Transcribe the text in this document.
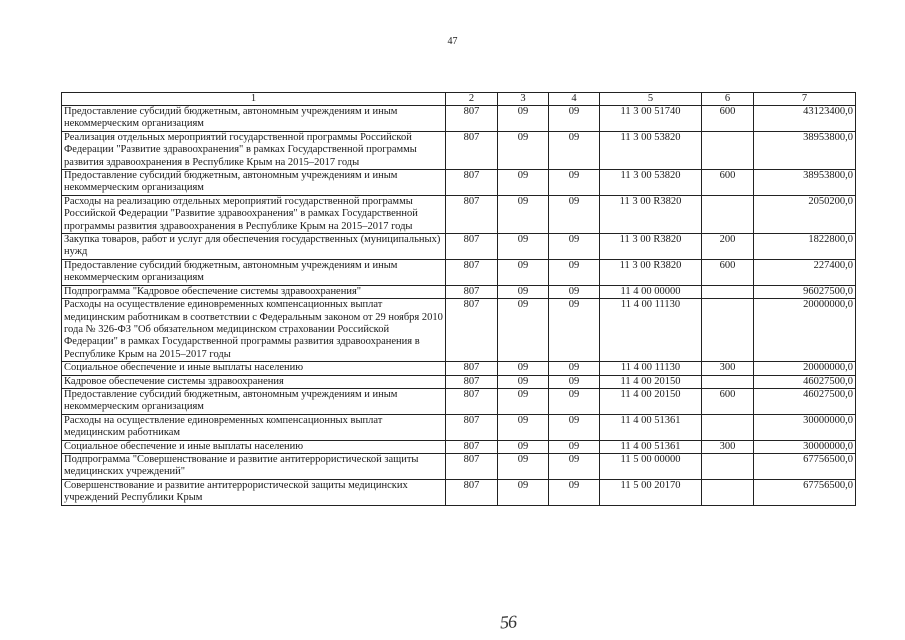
47
1	2	3	4	5	6	7
Предоставление субсидий бюджетным, автономным учреждениям и иным некоммерческим организациям	807	09	09	11 3 00 51740	600	43123400,0
Реализация отдельных мероприятий государственной программы Российской Федерации "Развитие здравоохранения" в рамках Государственной программы развития здравоохранения в Республике Крым на 2015–2017 годы	807	09	09	11 3 00 53820		38953800,0
Предоставление субсидий бюджетным, автономным учреждениям и иным некоммерческим организациям	807	09	09	11 3 00 53820	600	38953800,0
Расходы на реализацию отдельных мероприятий государственной программы Российской Федерации "Развитие здравоохранения" в рамках Государственной программы развития здравоохранения в Республике Крым на 2015–2017 годы	807	09	09	11 3 00 R3820		2050200,0
Закупка товаров, работ и услуг для обеспечения государственных (муниципальных) нужд	807	09	09	11 3 00 R3820	200	1822800,0
Предоставление субсидий бюджетным, автономным учреждениям и иным некоммерческим организациям	807	09	09	11 3 00 R3820	600	227400,0
Подпрограмма "Кадровое обеспечение системы здравоохранения"	807	09	09	11 4 00 00000		96027500,0
Расходы на осуществление единовременных компенсационных выплат медицинским работникам в соответствии с Федеральным законом от 29 ноября 2010 года № 326-ФЗ "Об обязательном медицинском страховании Российской Федерации" в рамках Государственной программы развития здравоохранения в Республике Крым на 2015–2017 годы	807	09	09	11 4 00 11130		20000000,0
Социальное обеспечение и иные выплаты населению	807	09	09	11 4 00 11130	300	20000000,0
Кадровое обеспечение системы здравоохранения	807	09	09	11 4 00 20150		46027500,0
Предоставление субсидий бюджетным, автономным учреждениям и иным некоммерческим организациям	807	09	09	11 4 00 20150	600	46027500,0
Расходы на осуществление единовременных компенсационных выплат медицинским работникам	807	09	09	11 4 00 51361		30000000,0
Социальное обеспечение и иные выплаты населению	807	09	09	11 4 00 51361	300	30000000,0
Подпрограмма "Совершенствование и развитие антитеррористической защиты медицинских учреждений"	807	09	09	11 5 00 00000		67756500,0
Совершенствование и развитие антитеррористической защиты медицинских учреждений Республики Крым	807	09	09	11 5 00 20170		67756500,0
56
